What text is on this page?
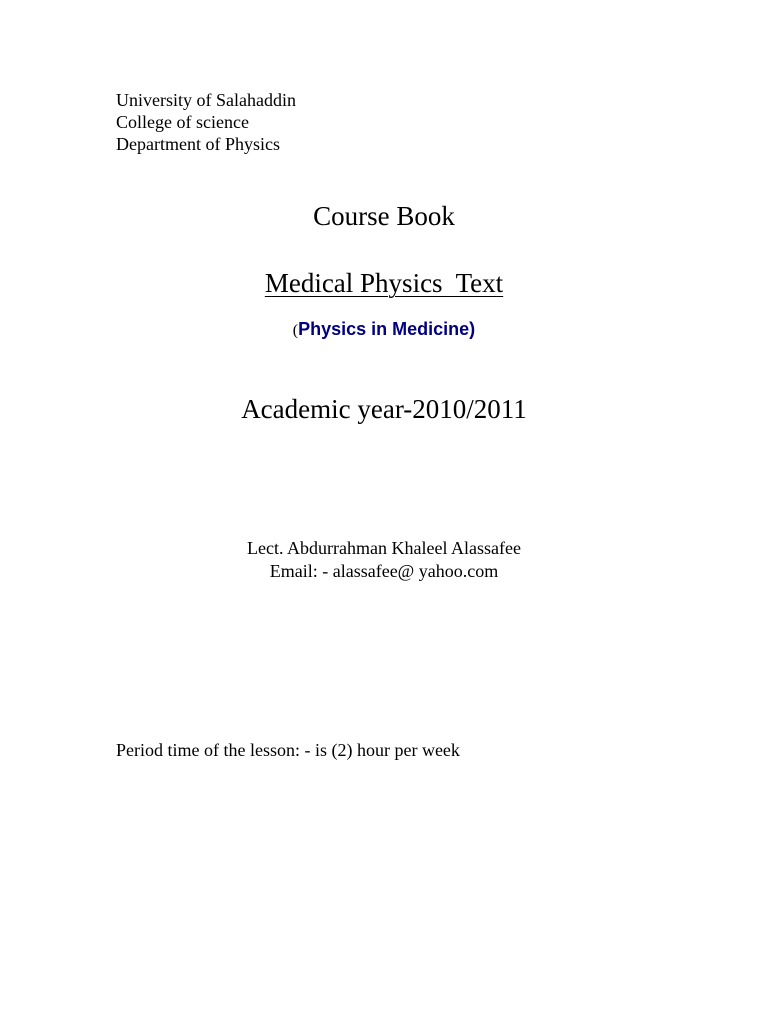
University of Salahaddin
College of science
Department of Physics
Course Book
Medical Physics  Text
(Physics in Medicine)
Academic year-2010/2011
Lect. Abdurrahman Khaleel Alassafee
Email: - alassafee@ yahoo.com
Period time of the lesson: - is (2) hour per week
